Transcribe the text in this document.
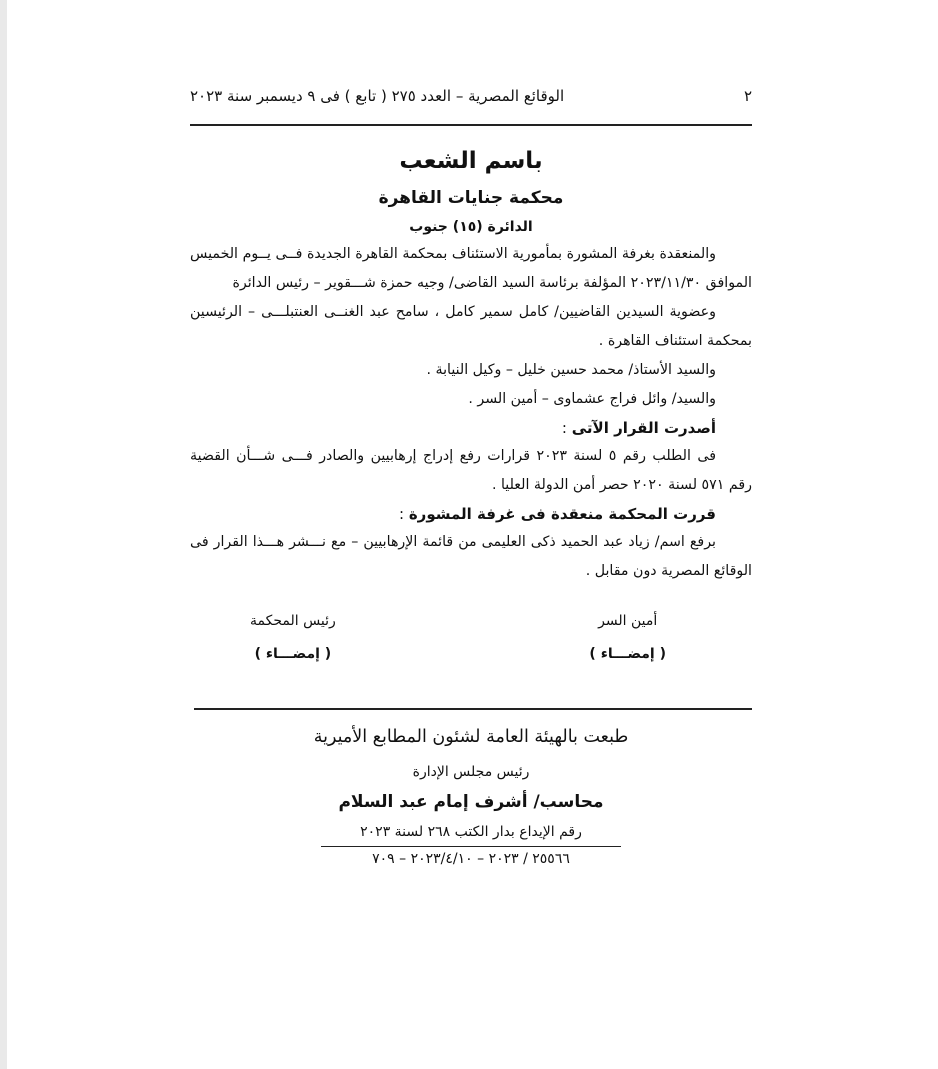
٢
الوقائع المصرية – العدد ٢٧٥ ( تابع ) فى ٩ ديسمبر سنة ٢٠٢٣
باسم الشعب
محكمة جنايات القاهرة
الدائرة (١٥) جنوب

والمنعقدة بغرفة المشورة بمأمورية الاستئناف بمحكمة القاهرة الجديدة فــى يــوم الخميس الموافق ٢٠٢٣/١١/٣٠ المؤلفة برئاسة السيد القاضى/ وجيه حمزة شـــقوير – رئيس الدائرة

وعضوية السيدين القاضيين/ كامل سمير كامل ، سامح عبد الغنــى العنتبلـــى – الرئيسين بمحكمة استئناف القاهرة .

والسيد الأستاذ/ محمد حسين خليل – وكيل النيابة .

والسيد/ وائل فراج عشماوى – أمين السر .

أصدرت القرار الآتى :

فى الطلب رقم ٥ لسنة ٢٠٢٣ قرارات رفع إدراج إرهابيين والصادر فـــى شـــأن القضية رقم ٥٧١ لسنة ٢٠٢٠ حصر أمن الدولة العليا .

قررت المحكمة منعقدة فى غرفة المشورة :

برفع اسم/ زياد عبد الحميد ذكى العليمى من قائمة الإرهابيين – مع نـــشر هـــذا القرار فى الوقائع المصرية دون مقابل .

أمين السر
( إمضـــاء )
رئيس المحكمة
( إمضـــاء )
طبعت بالهيئة العامة لشئون المطابع الأميرية
رئيس مجلس الإدارة
محاسب/ أشرف إمام عبد السلام
رقم الإيداع بدار الكتب ٢٦٨ لسنة ٢٠٢٣
٢٥٥٦٦ / ٢٠٢٣ – ٢٠٢٣/٤/١٠ – ٧٠٩
